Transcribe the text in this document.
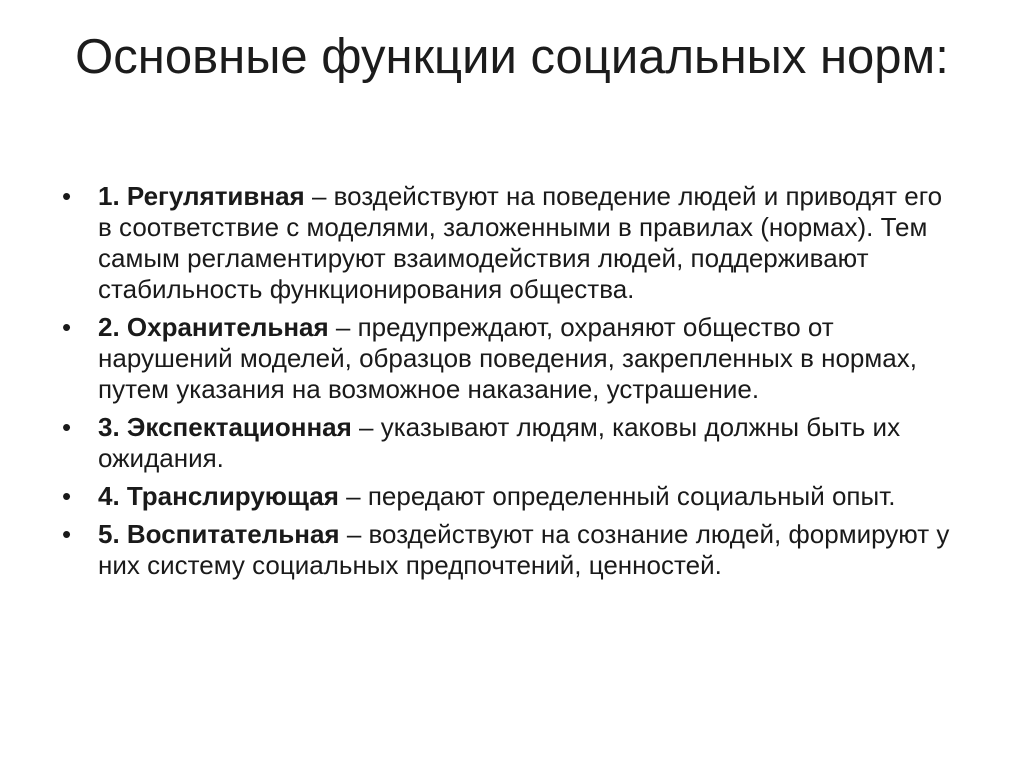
Основные функции социальных норм:
•	1. Регулятивная – воздействуют на поведение людей и приводят его в соответствие с моделями, заложенными в правилах (нормах). Тем самым регламентируют взаимодействия людей, поддерживают стабильность функционирования общества.
•	2. Охранительная – предупреждают, охраняют общество от нарушений моделей, образцов поведения, закрепленных в нормах, путем указания на возможное наказание, устрашение.
•	3. Экспектационная – указывают людям, каковы должны быть их ожидания.
•	4. Транслирующая – передают определенный социальный опыт.
•	5. Воспитательная – воздействуют на сознание людей, формируют у них систему социальных предпочтений, ценностей.
